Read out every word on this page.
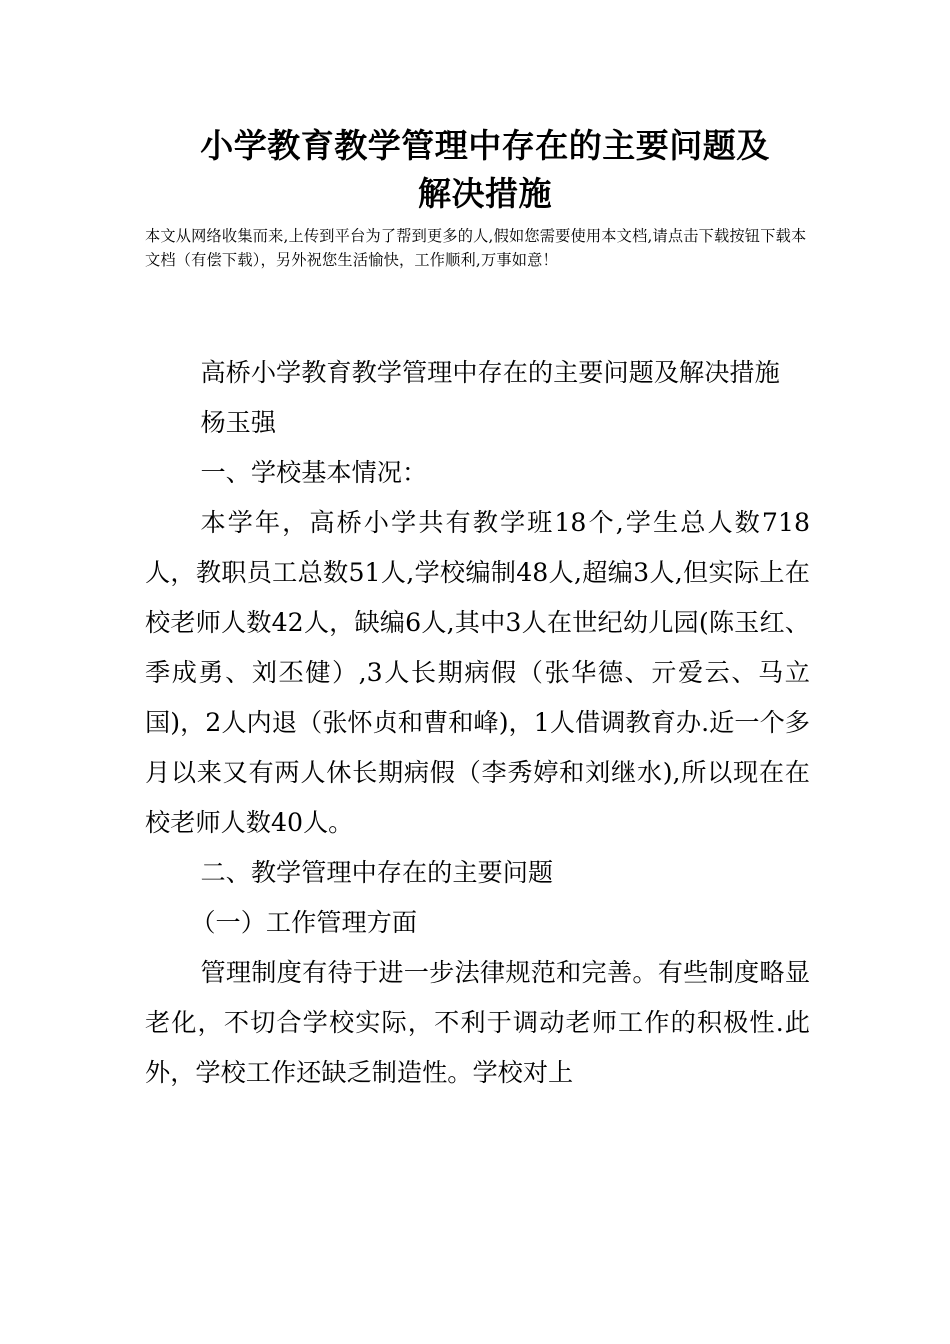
小学教育教学管理中存在的主要问题及
解决措施
本文从网络收集而来,上传到平台为了帮到更多的人,假如您需要使用本文档,请点击下载按钮下载本文档（有偿下载），另外祝您生活愉快，工作顺利,万事如意！

高桥小学教育教学管理中存在的主要问题及解决措施

杨玉强

一、学校基本情况：

本学年，高桥小学共有教学班18个,学生总人数718人，教职员工总数51人,学校编制48人,超编3人,但实际上在校老师人数42人，缺编6人,其中3人在世纪幼儿园(陈玉红、季成勇、刘丕健）,3人长期病假（张华德、亓爱云、马立国)，2人内退（张怀贞和曹和峰)，1人借调教育办.近一个多月以来又有两人休长期病假（李秀婷和刘继水),所以现在在校老师人数40人。

二、教学管理中存在的主要问题

（一）工作管理方面

管理制度有待于进一步法律规范和完善。有些制度略显老化，不切合学校实际，不利于调动老师工作的积极性.此外，学校工作还缺乏制造性。学校对上
